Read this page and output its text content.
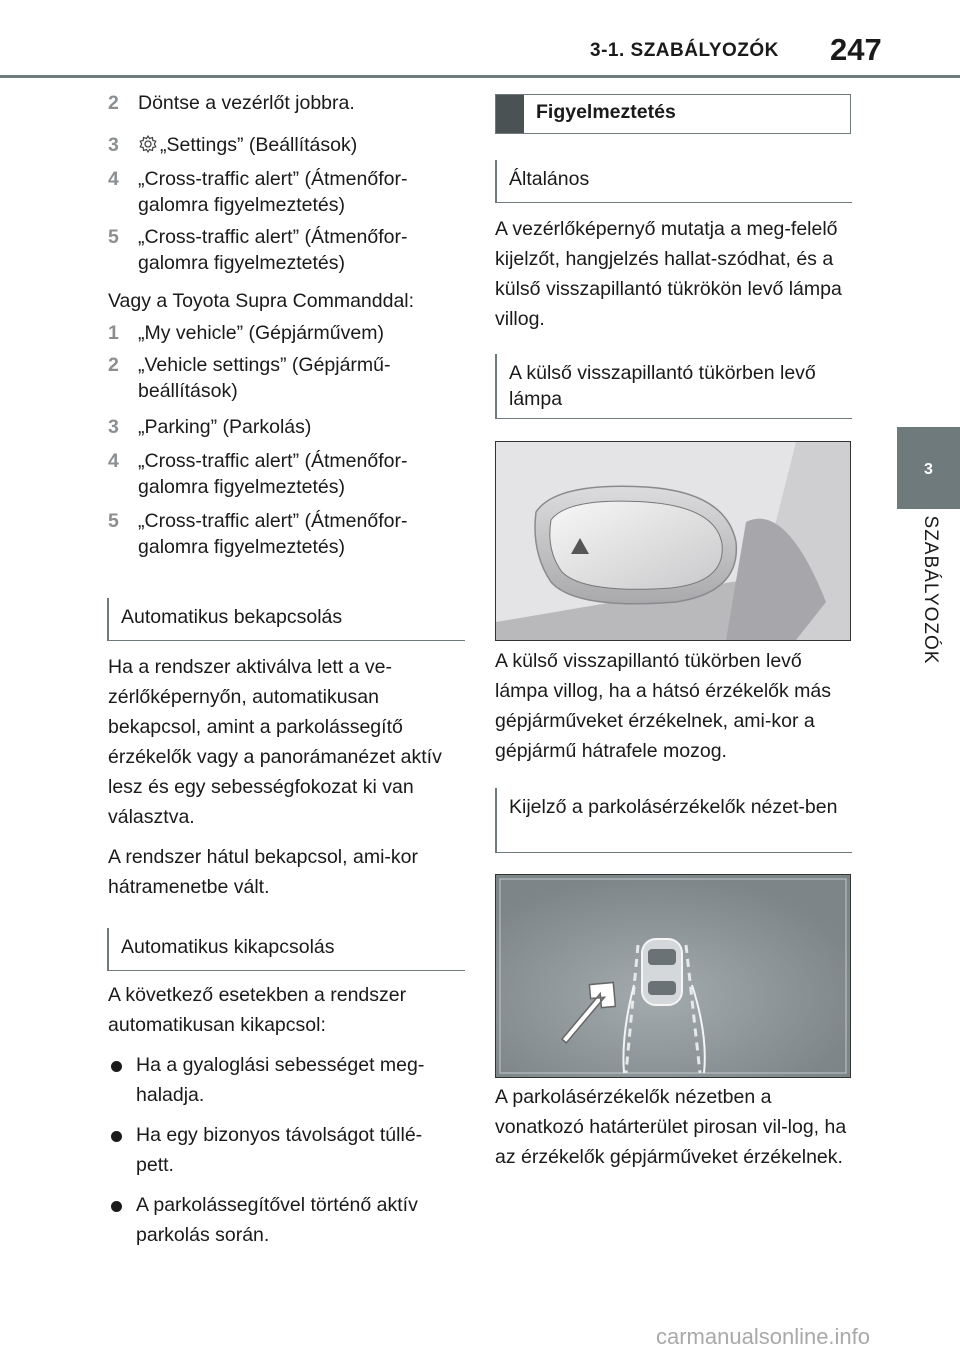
3-1. SZABÁLYOZÓK 247
3
SZABÁLYOZÓK

2 Döntse a vezérlőt jobbra.

3	„Settings” (Beállítások)

4 „Cross-traffic alert” (Átmenőfor-galomra figyelmeztetés)

5 „Cross-traffic alert” (Átmenőfor-galomra figyelmeztetés)

Vagy a Toyota Supra Commanddal:

1 „My vehicle” (Gépjárművem)

2 „Vehicle settings” (Gépjármű-beállítások)

3 „Parking” (Parkolás)

4 „Cross-traffic alert” (Átmenőfor-galomra figyelmeztetés)

5 „Cross-traffic alert” (Átmenőfor-galomra figyelmeztetés)

Automatikus bekapcsolás

Ha a rendszer aktiválva lett a ve-zérlőképernyőn, automatikusan bekapcsol, amint a parkolássegítő érzékelők vagy a panorámanézet aktív lesz és egy sebességfokozat ki van választva.

A rendszer hátul bekapcsol, ami-kor hátramenetbe vált.

Automatikus kikapcsolás

A következő esetekben a rendszer automatikusan kikapcsol:

Ha a gyaloglási sebességet meg-haladja.

Ha egy bizonyos távolságot túllé-pett.

A parkolássegítővel történő aktív parkolás során.

Figyelmeztetés
Általános

A vezérlőképernyő mutatja a meg-felelő kijelzőt, hangjelzés hallat-szódhat, és a külső visszapillantó tükrökön levő lámpa villog.

A külső visszapillantó tükörben levő lámpa

A külső visszapillantó tükörben levő lámpa villog, ha a hátsó érzékelők más gépjárműveket érzékelnek, ami-kor a gépjármű hátrafele mozog.

Kijelző a parkolásérzékelők nézet-ben

A parkolásérzékelők nézetben a vonatkozó határterület pirosan vil-log, ha az érzékelők gépjárműveket érzékelnek.

carmanualsonline.info
